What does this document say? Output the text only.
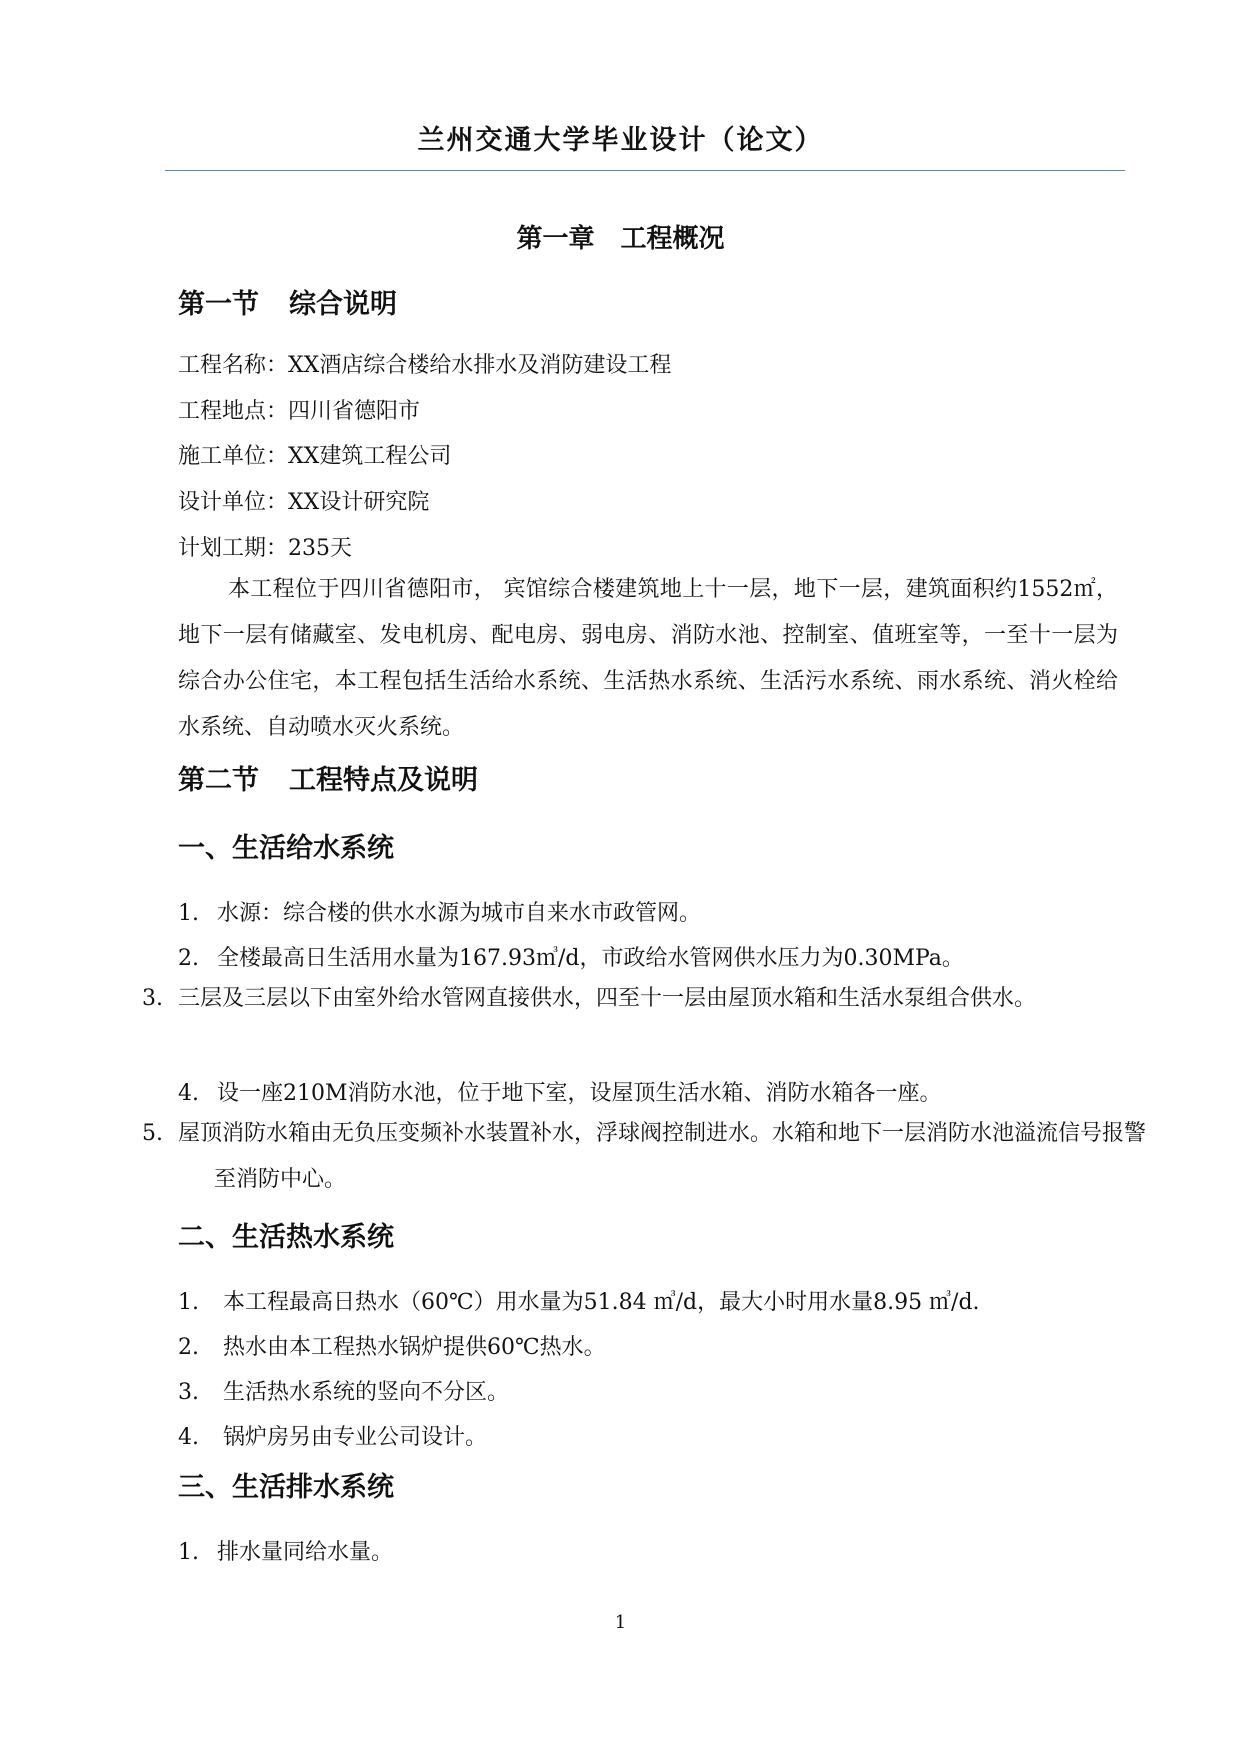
兰州交通大学毕业设计（论文）
第一章　工程概况
第一节 综合说明
工程名称：XX酒店综合楼给水排水及消防建设工程
工程地点：四川省德阳市
施工单位：XX建筑工程公司
设计单位：XX设计研究院
计划工期：235天
本工程位于四川省德阳市， 宾馆综合楼建筑地上十一层，地下一层，建筑面积约1552㎡，地下一层有储藏室、发电机房、配电房、弱电房、消防水池、控制室、值班室等，一至十一层为综合办公住宅，本工程包括生活给水系统、生活热水系统、生活污水系统、雨水系统、消火栓给水系统、自动喷水灭火系统。
第二节 工程特点及说明
一、生活给水系统
1. 水源：综合楼的供水水源为城市自来水市政管网。
2. 全楼最高日生活用水量为167.93㎥/d，市政给水管网供水压力为0.30MPa。
3. 三层及三层以下由室外给水管网直接供水，四至十一层由屋顶水箱和生活水泵组合供水。
4. 设一座210M消防水池，位于地下室，设屋顶生活水箱、消防水箱各一座。
5. 屋顶消防水箱由无负压变频补水装置补水，浮球阀控制进水。水箱和地下一层消防水池溢流信号报警至消防中心。
二、生活热水系统
1. 本工程最高日热水（60℃）用水量为51.84 ㎥/d，最大小时用水量8.95 ㎥/d.
2. 热水由本工程热水锅炉提供60℃热水。
3. 生活热水系统的竖向不分区。
4. 锅炉房另由专业公司设计。
三、生活排水系统
1. 排水量同给水量。
1
